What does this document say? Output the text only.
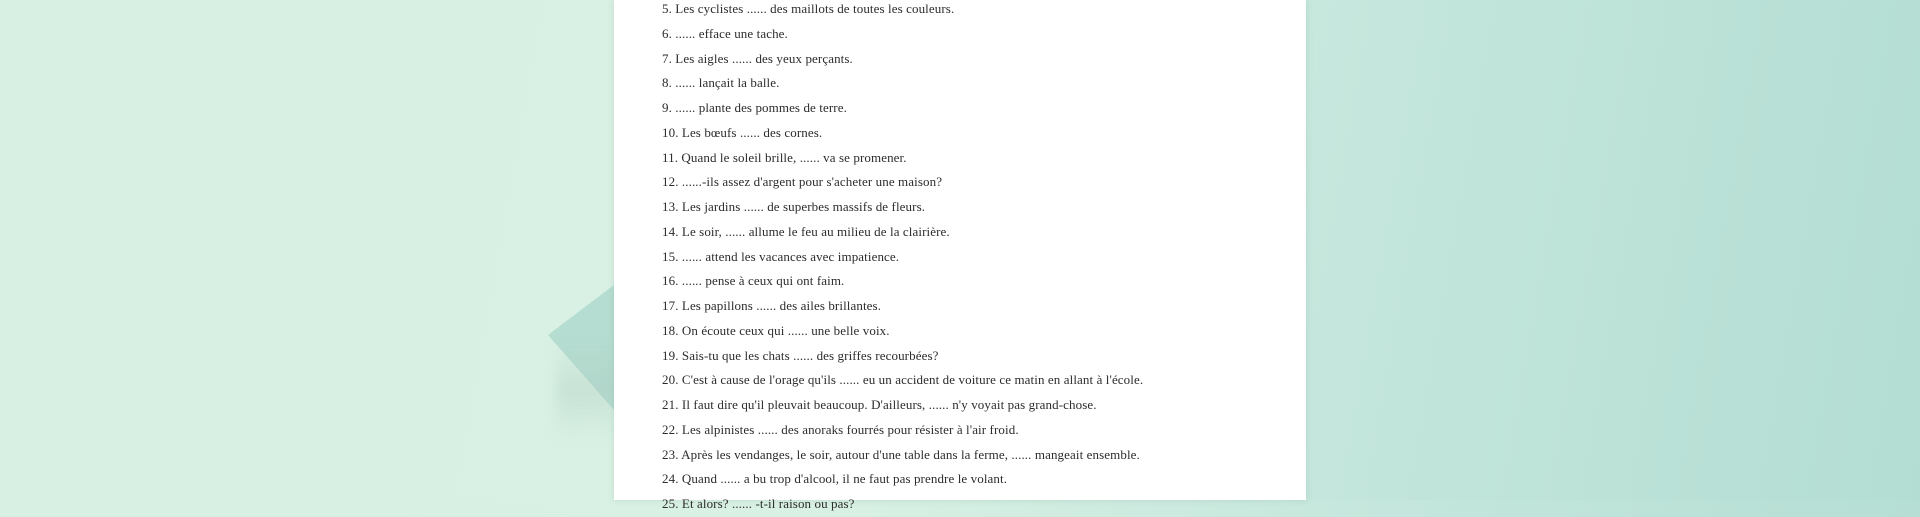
5. Les cyclistes ...... des maillots de toutes les couleurs.
6. ...... efface une tache.
7. Les aigles ...... des yeux perçants.
8. ...... lançait la balle.
9. ...... plante des pommes de terre.
10. Les bœufs ...... des cornes.
11. Quand le soleil brille, ...... va se promener.
12. ......-ils assez d'argent pour s'acheter une maison?
13. Les jardins ...... de superbes massifs de fleurs.
14. Le soir, ...... allume le feu au milieu de la clairière.
15. ...... attend les vacances avec impatience.
16. ...... pense à ceux qui ont faim.
17. Les papillons ...... des ailes brillantes.
18. On écoute ceux qui ...... une belle voix.
19. Sais-tu que les chats ...... des griffes recourbées?
20. C'est à cause de l'orage qu'ils ...... eu un accident de voiture ce matin en allant à l'école.
21. Il faut dire qu'il pleuvait beaucoup. D'ailleurs, ...... n'y voyait pas grand-chose.
22. Les alpinistes ...... des anoraks fourrés pour résister à l'air froid.
23. Après les vendanges, le soir, autour d'une table dans la ferme, ...... mangeait ensemble.
24. Quand ...... a bu trop d'alcool, il ne faut pas prendre le volant.
25. Et alors? ...... -t-il raison ou pas?
